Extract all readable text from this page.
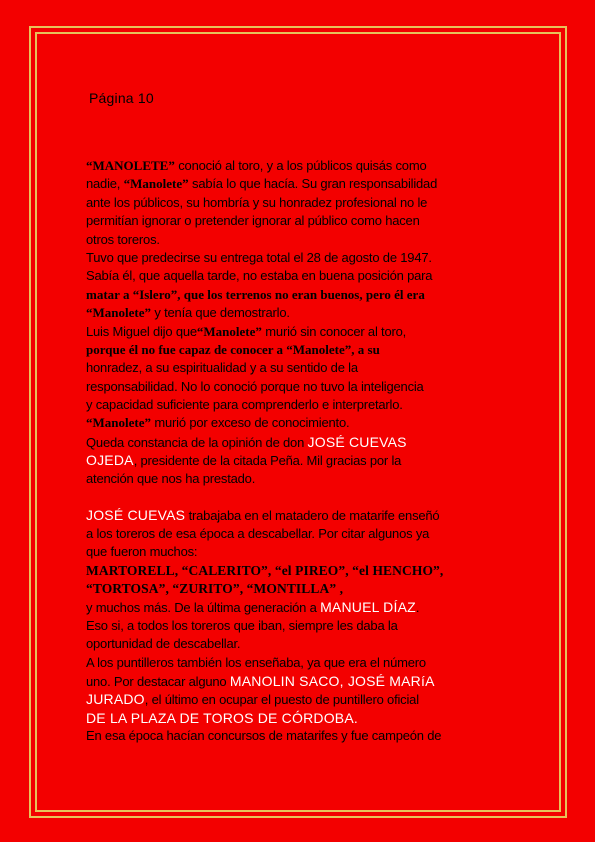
Página 10
“MANOLETE” conoció al toro, y a los públicos quisás como
nadie, “Manolete” sabía lo que hacía. Su gran responsabilidad
ante los públicos, su hombría y su honradez profesional no le
permitían ignorar o pretender ignorar al público como hacen
otros toreros.
Tuvo que predecirse su entrega total el 28 de agosto de 1947.
Sabía él, que aquella tarde, no estaba en buena posición para
matar a “Islero”, que los terrenos no eran buenos, pero él era
“Manolete” y tenía que demostrarlo.
Luis Miguel dijo que“Manolete” murió sin conocer al toro,
porque él no fue capaz de conocer a “Manolete”, a su
honradez, a su espiritualidad y a su sentido de la
responsabilidad. No lo conoció porque no tuvo la inteligencia
y capacidad suficiente para comprenderlo e interpretarlo.
“Manolete” murió por exceso de conocimiento.
Queda constancia de la opinión de don JOSÉ CUEVAS
OJEDA, presidente de la citada Peña. Mil gracias por la
atención que nos ha prestado.
JOSÉ CUEVAS trabajaba en el matadero de matarife enseñó
a los toreros de esa época a descabellar. Por citar algunos ya
que fueron muchos:
MARTORELL, “CALERITO”, “el PIREO”, “el HENCHO”,
“TORTOSA”, “ZURITO”, “MONTILLA” ,
y muchos más. De la última generación a MANUEL DÍAZ.
Eso si, a todos los toreros que iban, siempre les daba la
oportunidad de descabellar.
A los puntilleros también los enseñaba, ya que era el número
uno. Por destacar alguno MANOLIN SACO, JOSÉ MARíA
JURADO, el último en ocupar el puesto de puntillero oficial
DE LA PLAZA DE TOROS DE CÓRDOBA.
En esa época hacían concursos de matarifes y fue campeón de
